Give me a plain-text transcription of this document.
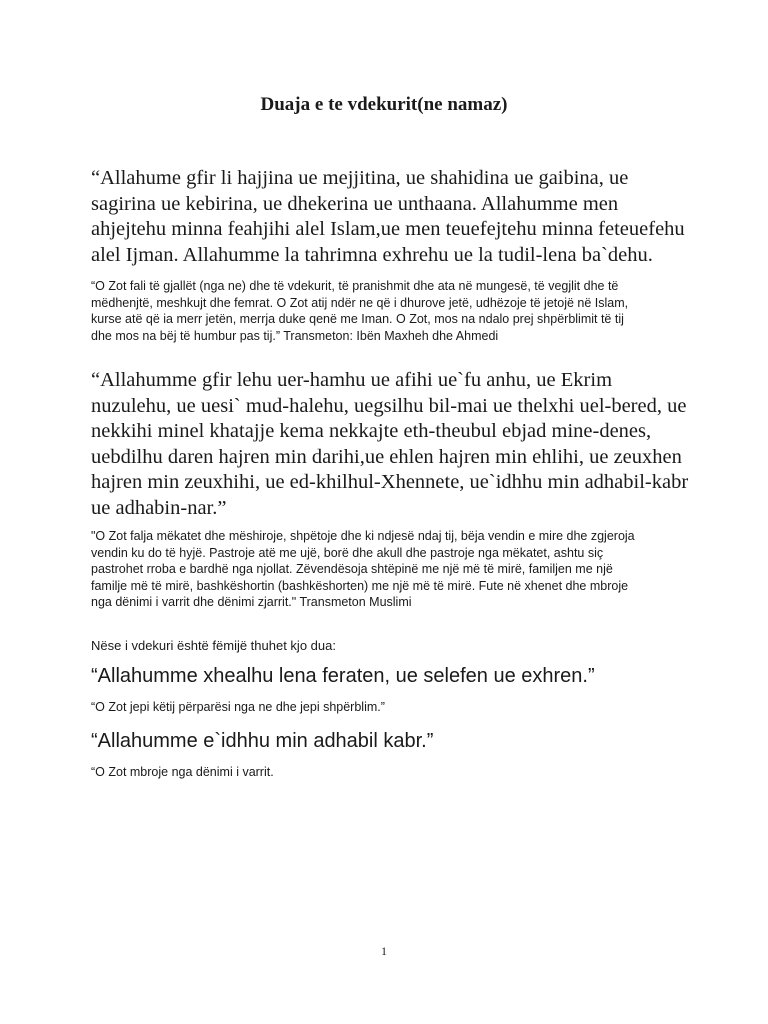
Duaja e te vdekurit(ne namaz)

“Allahume gfir li hajjina ue mejjitina, ue shahidina ue gaibina, ue
sagirina ue kebirina, ue dhekerina ue unthaana. Allahumme men
ahjejtehu minna feahjihi alel Islam,ue men teuefejtehu minna feteuefehu
alel Ijman. Allahumme la tahrimna exhrehu ue la tudil-lena ba`dehu.

“O Zot fali të gjallët (nga ne) dhe të vdekurit, të pranishmit dhe ata në mungesë, të vegjlit dhe të
mëdhenjtë, meshkujt dhe femrat. O Zot atij ndër ne që i dhurove jetë, udhëzoje të jetojë në Islam,
kurse atë që ia merr jetën, merrja duke qenë me Iman. O Zot, mos na ndalo prej shpërblimit të tij
dhe mos na bëj të humbur pas tij.” Transmeton: Ibën Maxheh dhe Ahmedi

“Allahumme gfir lehu uer-hamhu ue afihi ue`fu anhu, ue Ekrim
nuzulehu, ue uesi` mud-halehu, uegsilhu bil-mai ue thelxhi uel-bered, ue
nekkihi minel khatajje kema nekkajte eth-theubul ebjad mine-denes,
uebdilhu daren hajren min darihi,ue ehlen hajren min ehlihi, ue zeuxhen
hajren min zeuxhihi, ue ed-khilhul-Xhennete, ue`idhhu min adhabil-kabr
ue adhabin-nar.”

"O Zot falja mëkatet dhe mëshiroje, shpëtoje dhe ki ndjesë ndaj tij, bëja vendin e mire dhe zgjeroja
vendin ku do të hyjë. Pastroje atë me ujë, borë dhe akull dhe pastroje nga mëkatet, ashtu siç
pastrohet rroba e bardhë nga njollat. Zëvendësoja shtëpinë me një më të mirë, familjen me një
familje më të mirë, bashkëshortin (bashkëshorten) me një më të mirë. Fute në xhenet dhe mbroje
nga dënimi i varrit dhe dënimi zjarrit." Transmeton Muslimi

Nëse i vdekuri është fëmijë thuhet kjo dua:

“Allahumme xhealhu lena feraten, ue selefen ue exhren.”

“O Zot jepi këtij përparësi nga ne dhe jepi shpërblim.”

“Allahumme e`idhhu min adhabil kabr.”

“O Zot mbroje nga dënimi i varrit.

1
